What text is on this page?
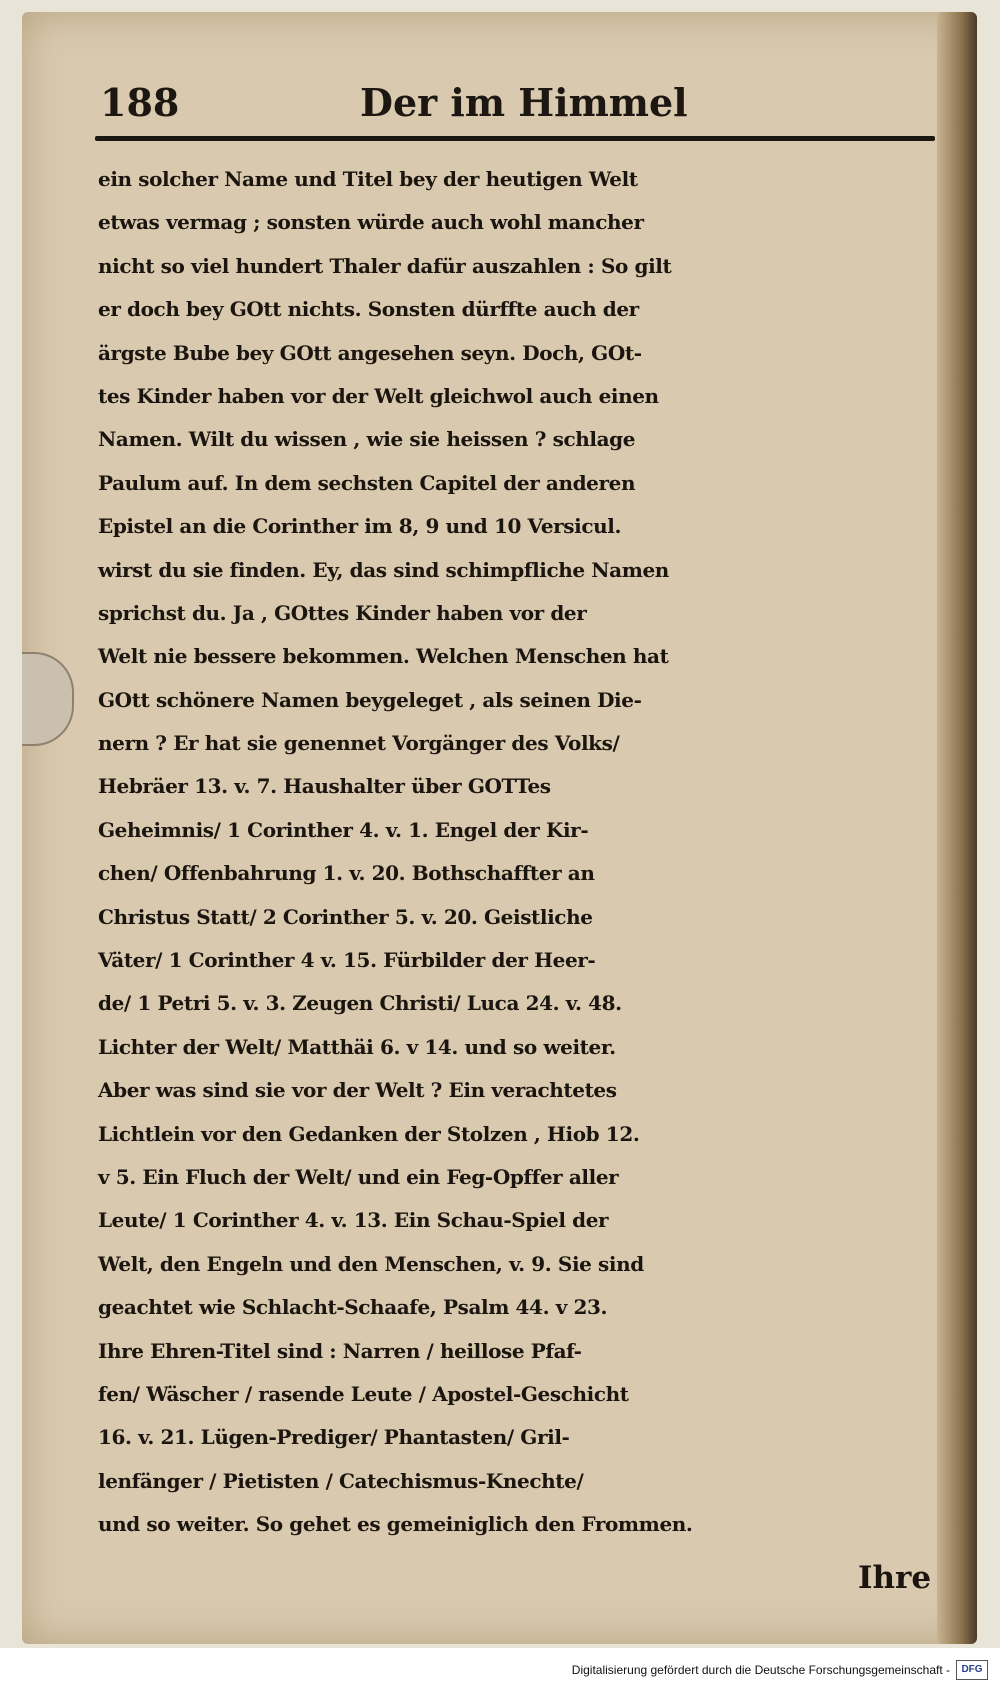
188	Der im Himmel
ein solcher Name und Titel bey der heutigen Welt
etwas vermag ; sonsten würde auch wohl mancher
nicht so viel hundert Thaler dafür auszahlen : So gilt
er doch bey GOtt nichts. Sonsten dürffte auch der
ärgste Bube bey GOtt angesehen seyn. Doch, GOt-
tes Kinder haben vor der Welt gleichwol auch einen
Namen. Wilt du wissen , wie sie heissen ? schlage
Paulum auf. In dem sechsten Capitel der anderen
Epistel an die Corinther im 8, 9 und 10 Versicul.
wirst du sie finden. Ey, das sind schimpfliche Namen
sprichst du. Ja , GOttes Kinder haben vor der
Welt nie bessere bekommen. Welchen Menschen hat
GOtt schönere Namen beygeleget , als seinen Die-
nern ? Er hat sie genennet Vorgänger des Volks/
Hebräer 13. v. 7. Haushalter über GOTTes
Geheimnis/ 1 Corinther 4. v. 1. Engel der Kir-
chen/ Offenbahrung 1. v. 20. Bothschaffter an
Christus Statt/ 2 Corinther 5. v. 20. Geistliche
Väter/ 1 Corinther 4 v. 15. Fürbilder der Heer-
de/ 1 Petri 5. v. 3. Zeugen Christi/ Luca 24. v. 48.
Lichter der Welt/ Matthäi 6. v 14. und so weiter.
Aber was sind sie vor der Welt ? Ein verachtetes
Lichtlein vor den Gedanken der Stolzen , Hiob 12.
v 5. Ein Fluch der Welt/ und ein Feg-Opffer aller
Leute/ 1 Corinther 4. v. 13. Ein Schau-Spiel der
Welt, den Engeln und den Menschen, v. 9. Sie sind
geachtet wie Schlacht-Schaafe, Psalm 44. v 23.
Ihre Ehren-Titel sind : Narren / heillose Pfaf-
fen/ Wäscher / rasende Leute / Apostel-Geschicht
16. v. 21. Lügen-Prediger/ Phantasten/ Gril-
lenfänger / Pietisten / Catechismus-Knechte/
und so weiter. So gehet es gemeiniglich den Frommen.
Ihre
Digitalisierung gefördert durch die Deutsche Forschungsgemeinschaft -	DFG
